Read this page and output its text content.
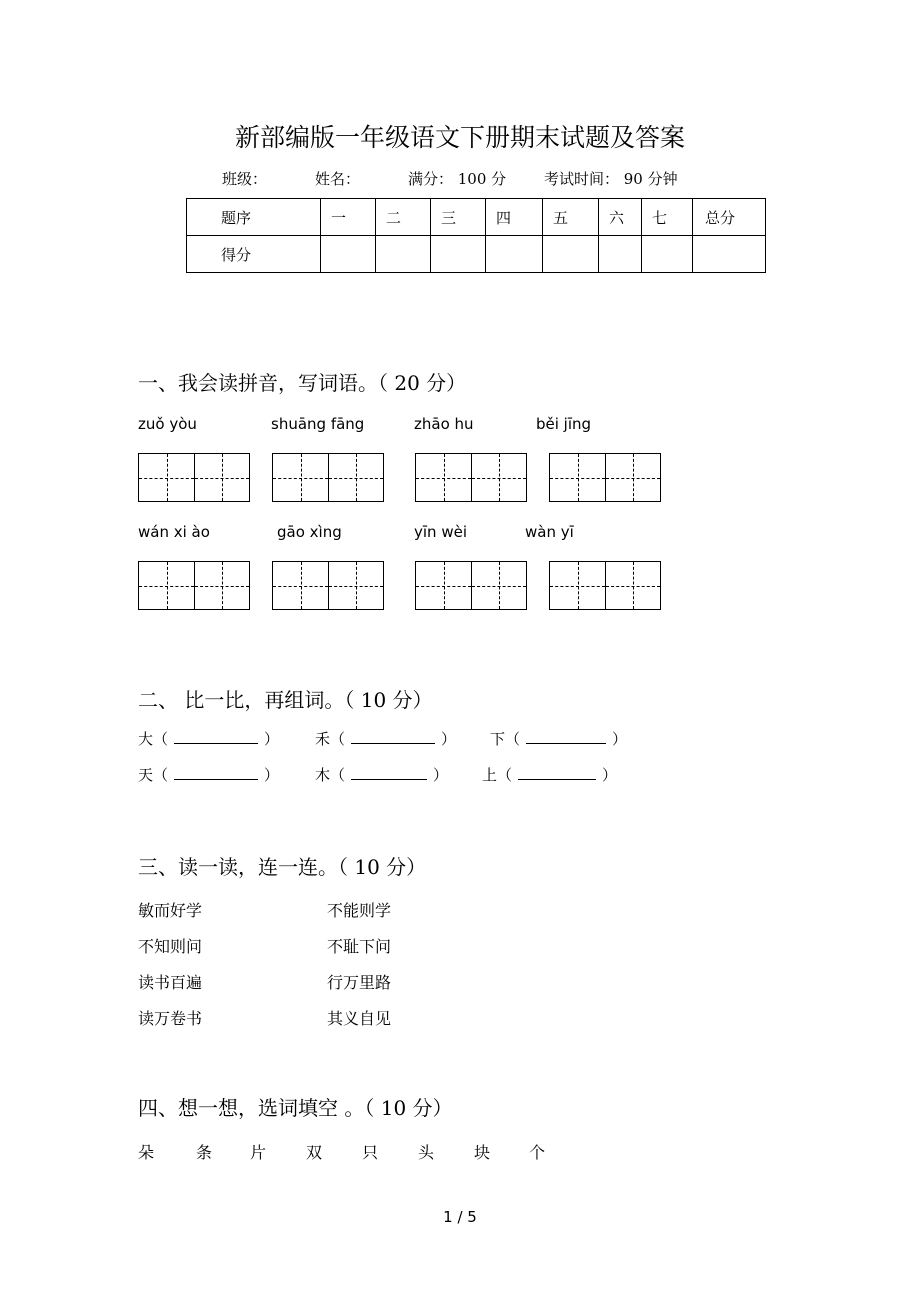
新部编版一年级语文下册期末试题及答案
班级：	姓名：	满分： 100 分	考试时间： 90 分钟
题序	一	二	三	四	五	六	七	总分
得分								
一、我会读拼音，写词语。（ 20 分）
zuǒ yòu	shuāng fāng	zhāo hu	běi jīng
wán xi ào	gāo xìng	yīn wèi	wàn yī
二、 比一比，再组词。（ 10 分）
大（	） 禾（	） 下（	）
天（	） 木（	） 上（	）
三、读一读，连一连。（ 10 分）
敏而好学	不能则学
不知则问	不耻下问
读书百遍	行万里路
读万卷书	其义自见
四、想一想，选词填空 。（ 10 分）
朵	条 片 双 只 头 块 个
1 / 5
